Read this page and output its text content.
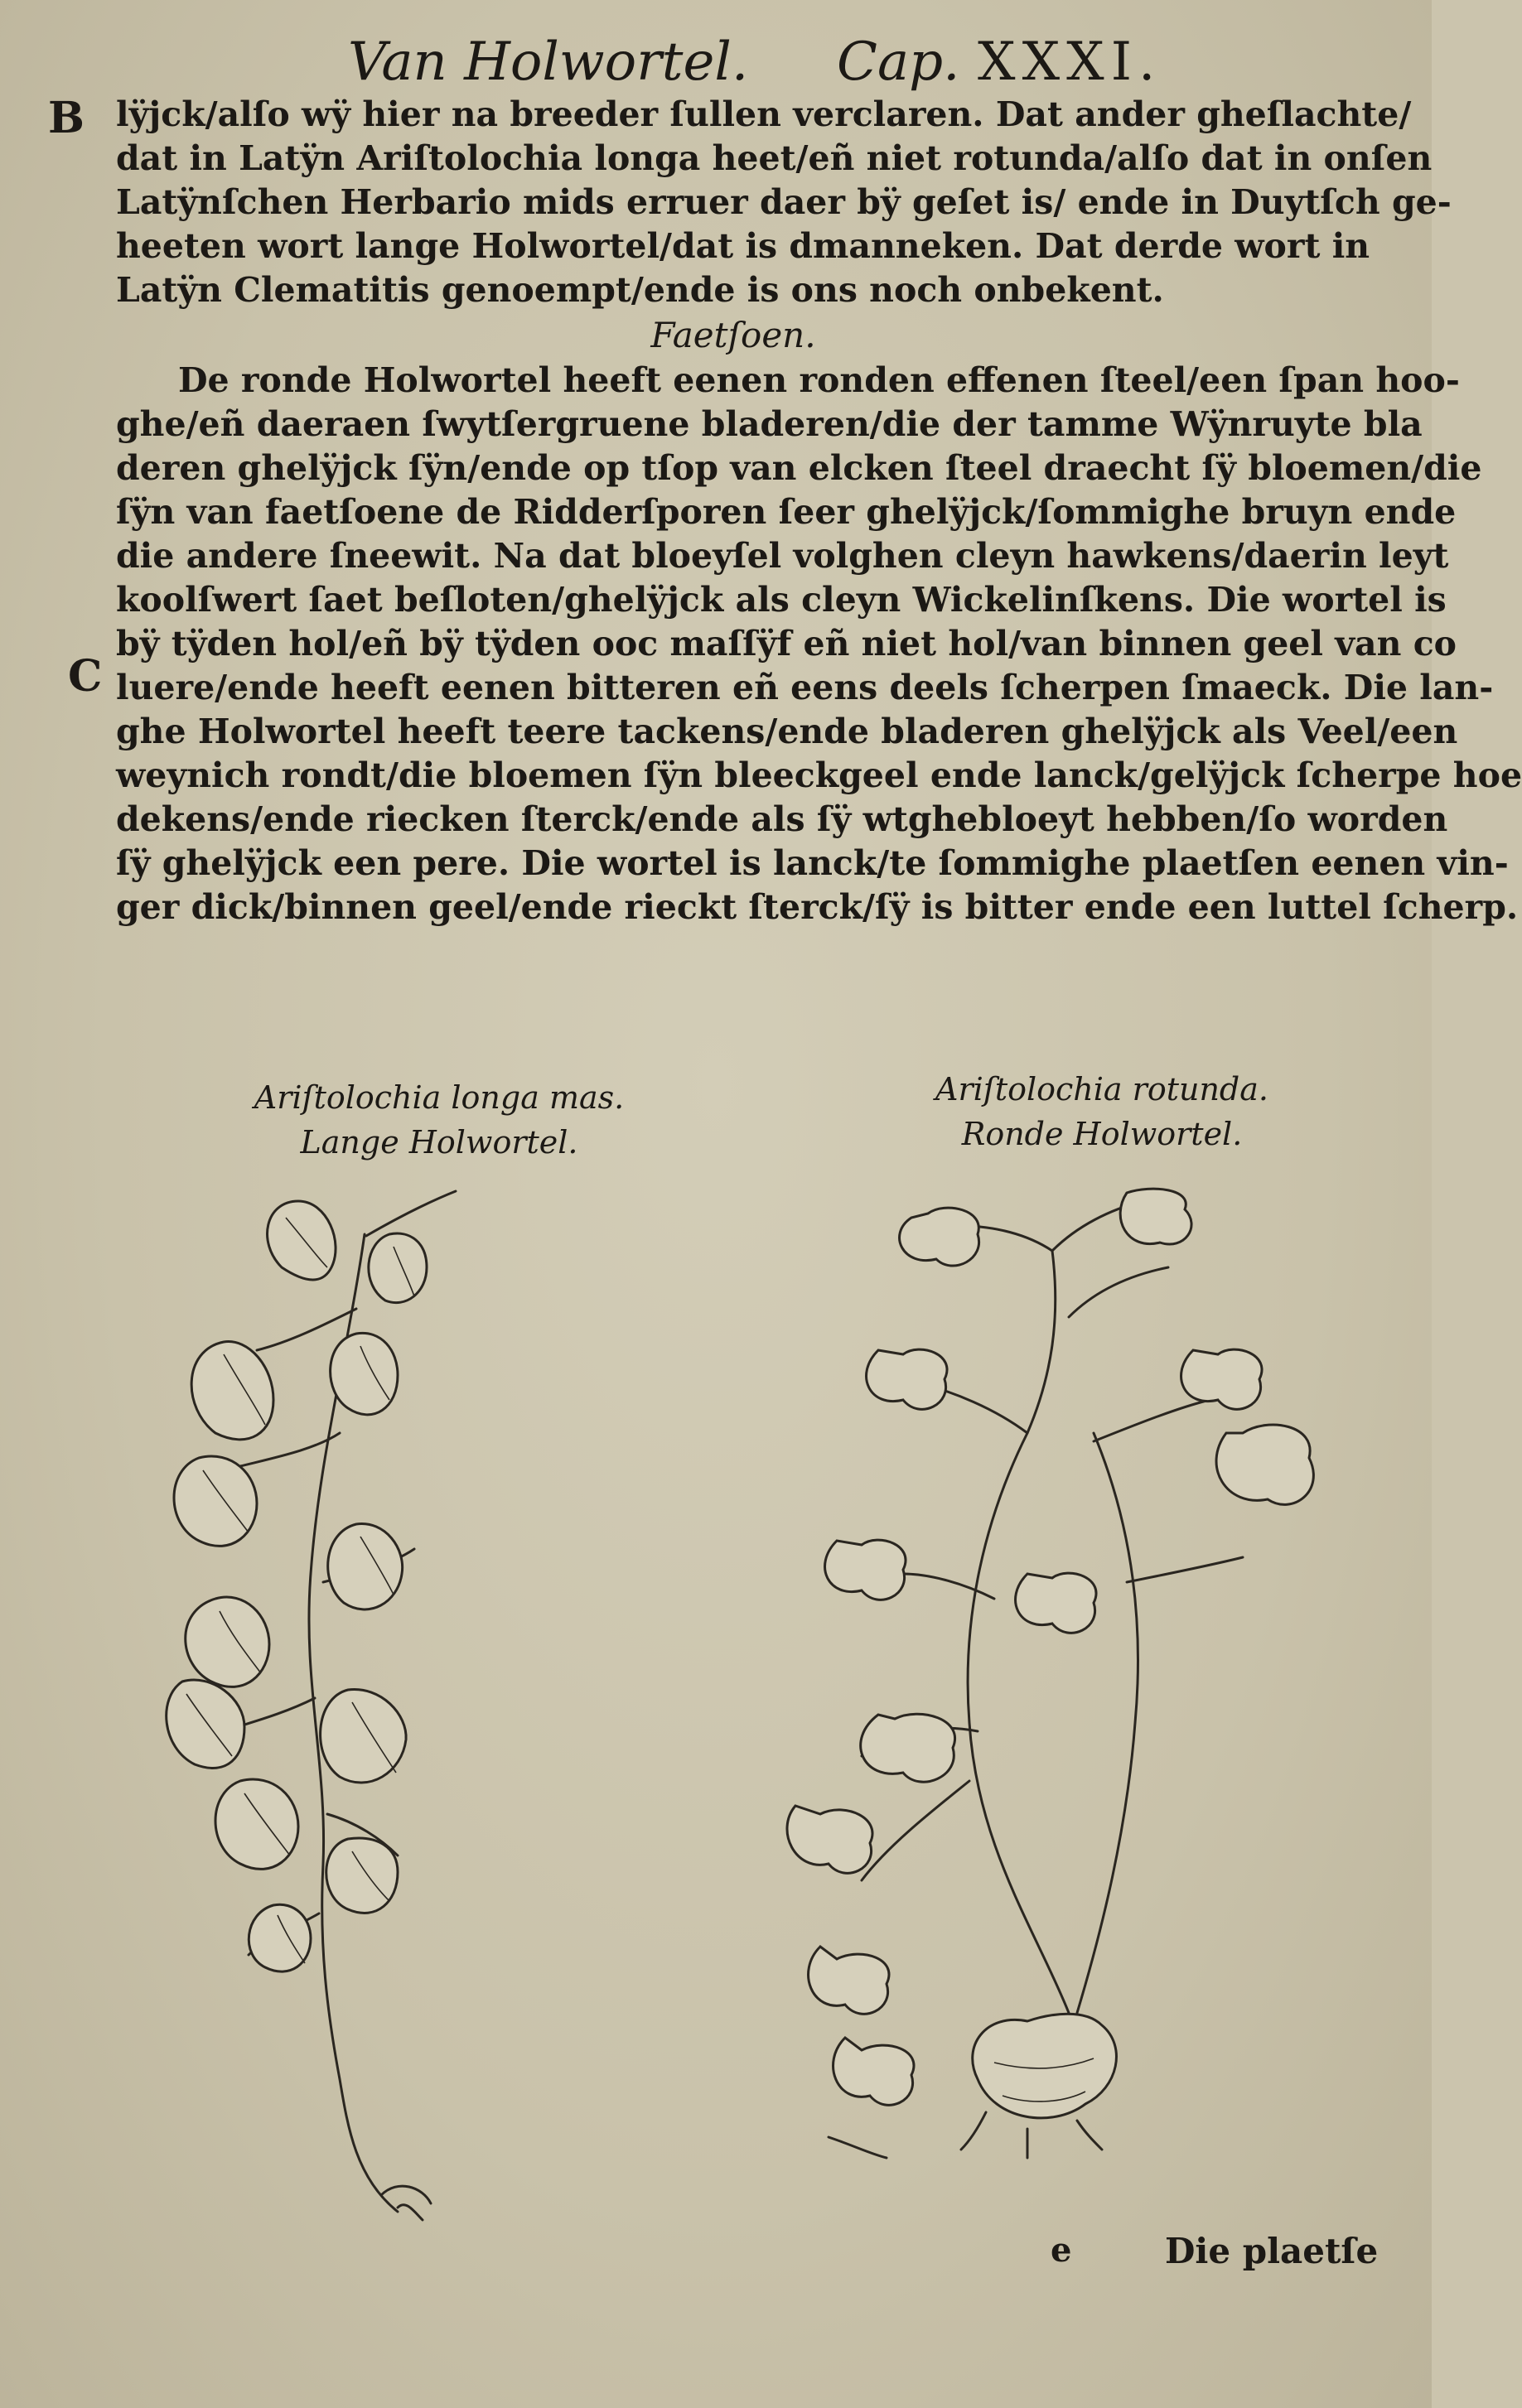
Van Holwortel. Cap. XXXI.
B
C
lÿjck/alſo wÿ hier na breeder ſullen verclaren. Dat ander gheſlachte/
dat in Latÿn Ariſtolochia longa heet/eñ niet rotunda/alſo dat in onſen
Latÿnſchen Herbario mids erruer daer bÿ geſet is/ ende in Duytſch ge-
heeten wort lange Holwortel/dat is dmanneken. Dat derde wort in
Latÿn Clematitis genoempt/ende is ons noch onbekent.
Faetſoen.
De ronde Holwortel heeft eenen ronden effenen ſteel/een ſpan hoo-
ghe/eñ daeraen ſwytſergruene bladeren/die der tamme Wÿnruyte bla
deren ghelÿjck ſÿn/ende op tſop van elcken ſteel draecht ſÿ bloemen/die
ſÿn van faetſoene de Ridderſporen ſeer ghelÿjck/ſommighe bruyn ende
die andere ſneewit. Na dat bloeyſel volghen cleyn hawkens/daerin leyt
koolſwert ſaet beſloten/ghelÿjck als cleyn Wickelinſkens. Die wortel is
bÿ tÿden hol/eñ bÿ tÿden ooc maſſÿf eñ niet hol/van binnen geel van co
luere/ende heeft eenen bitteren eñ eens deels ſcherpen ſmaeck. Die lan-
ghe Holwortel heeft teere tackens/ende bladeren ghelÿjck als Veel/een
weynich rondt/die bloemen ſÿn bleeckgeel ende lanck/gelÿjck ſcherpe hoe
dekens/ende riecken ſterck/ende als ſÿ wtghebloeyt hebben/ſo worden
ſÿ ghelÿjck een pere. Die wortel is lanck/te ſommighe plaetſen eenen vin-
ger dick/binnen geel/ende rieckt ſterck/ſÿ is bitter ende een luttel ſcherp.
Ariſtolochia longa mas.
Lange Holwortel.
Ariſtolochia rotunda.
Ronde Holwortel.
e	Die plaetſe
